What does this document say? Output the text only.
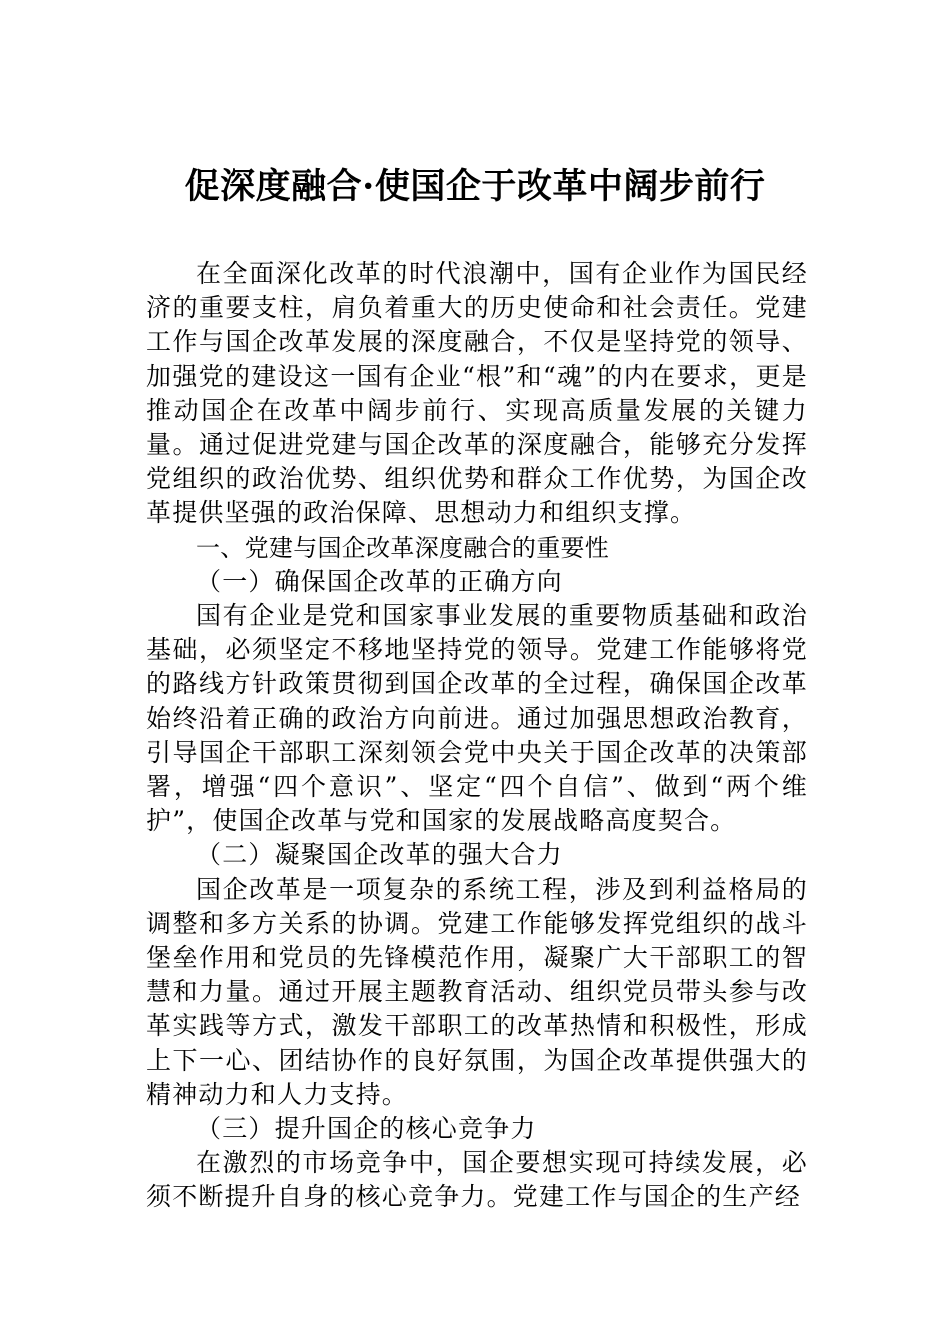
促深度融合·使国企于改革中阔步前行

在全面深化改革的时代浪潮中，国有企业作为国民经济的重要支柱，肩负着重大的历史使命和社会责任。党建工作与国企改革发展的深度融合，不仅是坚持党的领导、加强党的建设这一国有企业“根”和“魂”的内在要求，更是推动国企在改革中阔步前行、实现高质量发展的关键力量。通过促进党建与国企改革的深度融合，能够充分发挥党组织的政治优势、组织优势和群众工作优势，为国企改革提供坚强的政治保障、思想动力和组织支撑。

一、党建与国企改革深度融合的重要性

（一）确保国企改革的正确方向

国有企业是党和国家事业发展的重要物质基础和政治基础，必须坚定不移地坚持党的领导。党建工作能够将党的路线方针政策贯彻到国企改革的全过程，确保国企改革始终沿着正确的政治方向前进。通过加强思想政治教育，引导国企干部职工深刻领会党中央关于国企改革的决策部署，增强“四个意识”、坚定“四个自信”、做到“两个维护”，使国企改革与党和国家的发展战略高度契合。

（二）凝聚国企改革的强大合力

国企改革是一项复杂的系统工程，涉及到利益格局的调整和多方关系的协调。党建工作能够发挥党组织的战斗堡垒作用和党员的先锋模范作用，凝聚广大干部职工的智慧和力量。通过开展主题教育活动、组织党员带头参与改革实践等方式，激发干部职工的改革热情和积极性，形成上下一心、团结协作的良好氛围，为国企改革提供强大的精神动力和人力支持。

（三）提升国企的核心竞争力

在激烈的市场竞争中，国企要想实现可持续发展，必须不断提升自身的核心竞争力。党建工作与国企的生产经
